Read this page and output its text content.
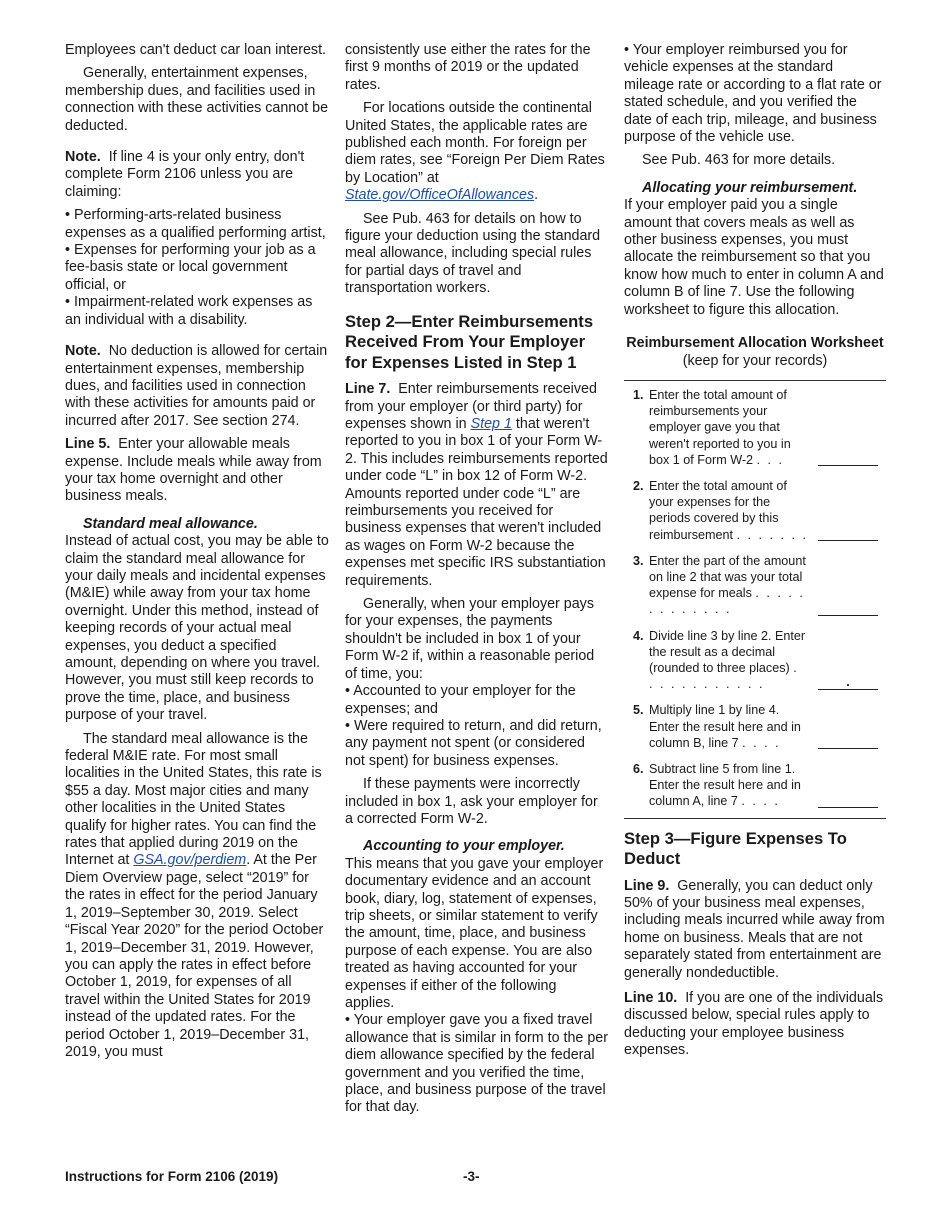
Employees can't deduct car loan interest.

Generally, entertainment expenses, membership dues, and facilities used in connection with these activities cannot be deducted.

Note. If line 4 is your only entry, don't complete Form 2106 unless you are claiming:

• Performing-arts-related business expenses as a qualified performing artist,

• Expenses for performing your job as a fee-basis state or local government official, or

• Impairment-related work expenses as an individual with a disability.

Note. No deduction is allowed for certain entertainment expenses, membership dues, and facilities used in connection with these activities for amounts paid or incurred after 2017. See section 274.

Line 5. Enter your allowable meals expense. Include meals while away from your tax home overnight and other business meals.

Standard meal allowance.
Instead of actual cost, you may be able to claim the standard meal allowance for your daily meals and incidental expenses (M&IE) while away from your tax home overnight. Under this method, instead of keeping records of your actual meal expenses, you deduct a specified amount, depending on where you travel. However, you must still keep records to prove the time, place, and business purpose of your travel.

The standard meal allowance is the federal M&IE rate. For most small localities in the United States, this rate is $55 a day. Most major cities and many other localities in the United States qualify for higher rates. You can find the rates that applied during 2019 on the Internet at GSA.gov/perdiem. At the Per Diem Overview page, select “2019” for the rates in effect for the period January 1, 2019–September 30, 2019. Select “Fiscal Year 2020” for the period October 1, 2019–December 31, 2019. However, you can apply the rates in effect before October 1, 2019, for expenses of all travel within the United States for 2019 instead of the updated rates. For the period October 1, 2019–December 31, 2019, you must

consistently use either the rates for the first 9 months of 2019 or the updated rates.

For locations outside the continental United States, the applicable rates are published each month. For foreign per diem rates, see “Foreign Per Diem Rates by Location” at State.gov/OfficeOfAllowances.

See Pub. 463 for details on how to figure your deduction using the standard meal allowance, including special rules for partial days of travel and transportation workers.

Step 2—Enter Reimbursements Received From Your Employer for Expenses Listed in Step 1

Line 7. Enter reimbursements received from your employer (or third party) for expenses shown in Step 1 that weren't reported to you in box 1 of your Form W-2. This includes reimbursements reported under code “L” in box 12 of Form W-2. Amounts reported under code “L” are reimbursements you received for business expenses that weren't included as wages on Form W-2 because the expenses met specific IRS substantiation requirements.

Generally, when your employer pays for your expenses, the payments shouldn't be included in box 1 of your Form W-2 if, within a reasonable period of time, you:

• Accounted to your employer for the expenses; and

• Were required to return, and did return, any payment not spent (or considered not spent) for business expenses.

If these payments were incorrectly included in box 1, ask your employer for a corrected Form W-2.

Accounting to your employer.
This means that you gave your employer documentary evidence and an account book, diary, log, statement of expenses, trip sheets, or similar statement to verify the amount, time, place, and business purpose of each expense. You are also treated as having accounted for your expenses if either of the following applies.

• Your employer gave you a fixed travel allowance that is similar in form to the per diem allowance specified by the federal government and you verified the time, place, and business purpose of the travel for that day.

• Your employer reimbursed you for vehicle expenses at the standard mileage rate or according to a flat rate or stated schedule, and you verified the date of each trip, mileage, and business purpose of the vehicle use.

See Pub. 463 for more details.

Allocating your reimbursement.
If your employer paid you a single amount that covers meals as well as other business expenses, you must allocate the reimbursement so that you know how much to enter in column A and column B of line 7. Use the following worksheet to figure this allocation.

Reimbursement Allocation Worksheet
(keep for your records)
1. Enter the total amount of reimbursements your employer gave you that weren't reported to you in box 1 of Form W-2 . . .
2. Enter the total amount of your expenses for the periods covered by this reimbursement . . . . . . .
3. Enter the part of the amount on line 2 that was your total expense for meals . . . . . . . . . . . . .
4. Divide line 3 by line 2. Enter the result as a decimal (rounded to three places) . . . . . . . . . . . .
.
5. Multiply line 1 by line 4. Enter the result here and in column B, line 7 . . . .
6. Subtract line 5 from line 1. Enter the result here and in column A, line 7 . . . .
Step 3—Figure Expenses To Deduct

Line 9. Generally, you can deduct only 50% of your business meal expenses, including meals incurred while away from home on business. Meals that are not separately stated from entertainment are generally nondeductible.

Line 10. If you are one of the individuals discussed below, special rules apply to deducting your employee business expenses.

Instructions for Form 2106 (2019)	-3-
